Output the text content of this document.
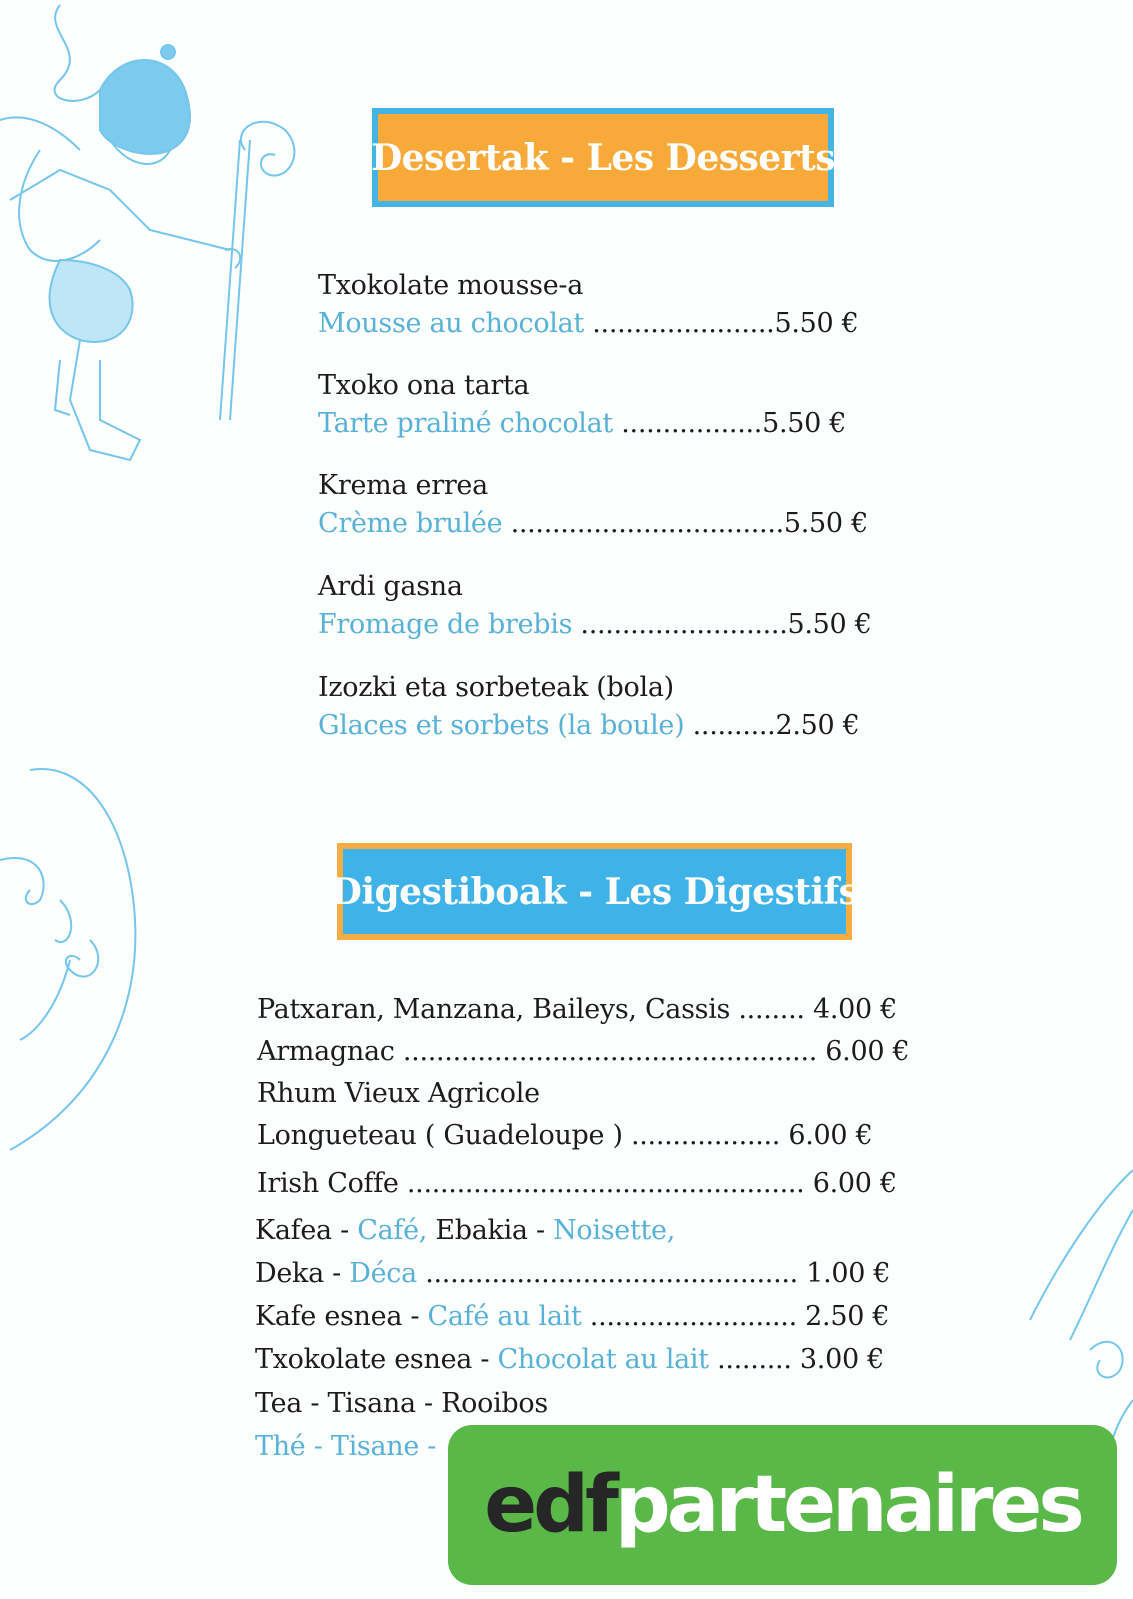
Desertak - Les Desserts
Txokolate mousse-a
Mousse au chocolat ......................5.50 €
Txoko ona tarta
Tarte praliné chocolat .................5.50 €
Krema errea
Crème brulée .................................5.50 €
Ardi gasna
Fromage de brebis .........................5.50 €
Izozki eta sorbeteak (bola)
Glaces et sorbets (la boule) ..........2.50 €
Digestiboak - Les Digestifs
Patxaran, Manzana, Baileys, Cassis ........ 4.00 €
Armagnac .................................................. 6.00 €
Rhum Vieux Agricole
Longueteau ( Guadeloupe ) .................. 6.00 €
Irish Coffe ................................................ 6.00 €
Kafea - Café, Ebakia - Noisette,
Deka - Déca ............................................. 1.00 €
Kafe esnea - Café au lait ......................... 2.50 €
Txokolate esnea - Chocolat au lait ......... 3.00 €
Tea - Tisana - Rooibos
Thé - Tisane -
edf partenaires
